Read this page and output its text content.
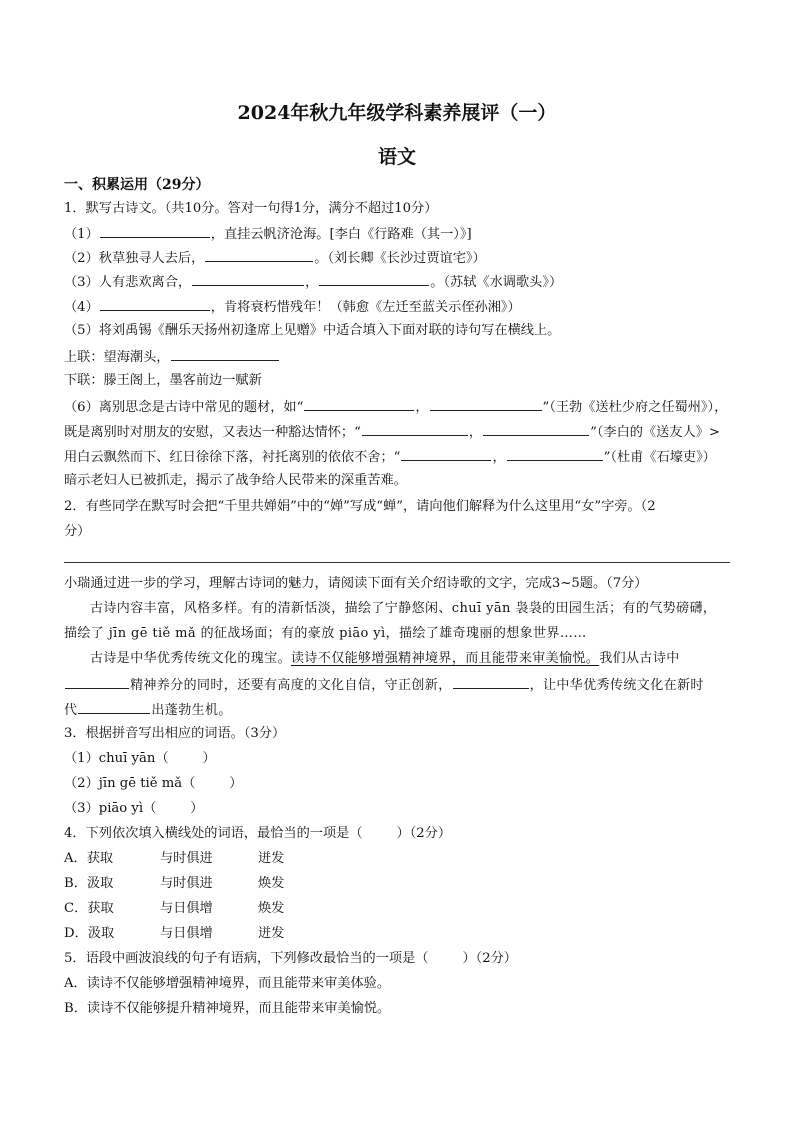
2024年秋九年级学科素养展评（一）
语文
一、积累运用（29分）
1．默写古诗文。（共10分。答对一句得1分，满分不超过10分）
（1）	，直挂云帆济沧海。[李白《行路难（其一）》]
（2）秋草独寻人去后，	。（刘长卿《长沙过贾谊宅》）
（3）人有悲欢离合，	，	。（苏轼《水调歌头》）
（4）	，肯将衰朽惜残年！（韩愈《左迁至蓝关示侄孙湘》）
（5）将刘禹锡《酬乐天扬州初逢席上见赠》中适合填入下面对联的诗句写在横线上。
上联：望海潮头，
下联：滕王阁上，墨客前边一赋新
（6）离别思念是古诗中常见的题材，如“	，	”（王勃《送杜少府之任蜀州》），
既是离别时对朋友的安慰，又表达一种豁达情怀；“	，	”（李白的《送友人》>
用白云飘然而下、红日徐徐下落，衬托离别的依依不舍；“	，	”（杜甫《石壕吏》）
暗示老妇人已被抓走，揭示了战争给人民带来的深重苦难。
2．有些同学在默写时会把“千里共婵娟”中的“婵”写成“蝉”，请向他们解释为什么这里用“女”字旁。（2
分）
小瑞通过进一步的学习，理解古诗词的魅力，请阅读下面有关介绍诗歌的文字，完成3~5题。（7分）
古诗内容丰富，风格多样。有的清新恬淡，描绘了宁静悠闲、chuī yān 袅袅的田园生活；有的气势磅礴，
描绘了 jīn gē tiě mǎ 的征战场面；有的豪放 piāo yì，描绘了雄奇瑰丽的想象世界……
古诗是中华优秀传统文化的瑰宝。读诗不仅能够增强精神境界，而且能带来审美愉悦。我们从古诗中
精神养分的同时，还要有高度的文化自信，守正创新，	，让中华优秀传统文化在新时
代	出蓬勃生机。
3．根据拼音写出相应的词语。（3分）
（1）chuī yān（	）
（2）jīn gē tiě mǎ（	）
（3）piāo yì（	）
4．下列依次填入横线处的词语，最恰当的一项是（	）（2分）
A．获取	与时俱进	迸发
B．汲取	与时俱进	焕发
C．获取	与日俱增	焕发
D．汲取	与日俱增	迸发
5．语段中画波浪线的句子有语病，下列修改最恰当的一项是（	）（2分）
A．读诗不仅能够增强精神境界，而且能带来审美体验。
B．读诗不仅能够提升精神境界，而且能带来审美愉悦。
